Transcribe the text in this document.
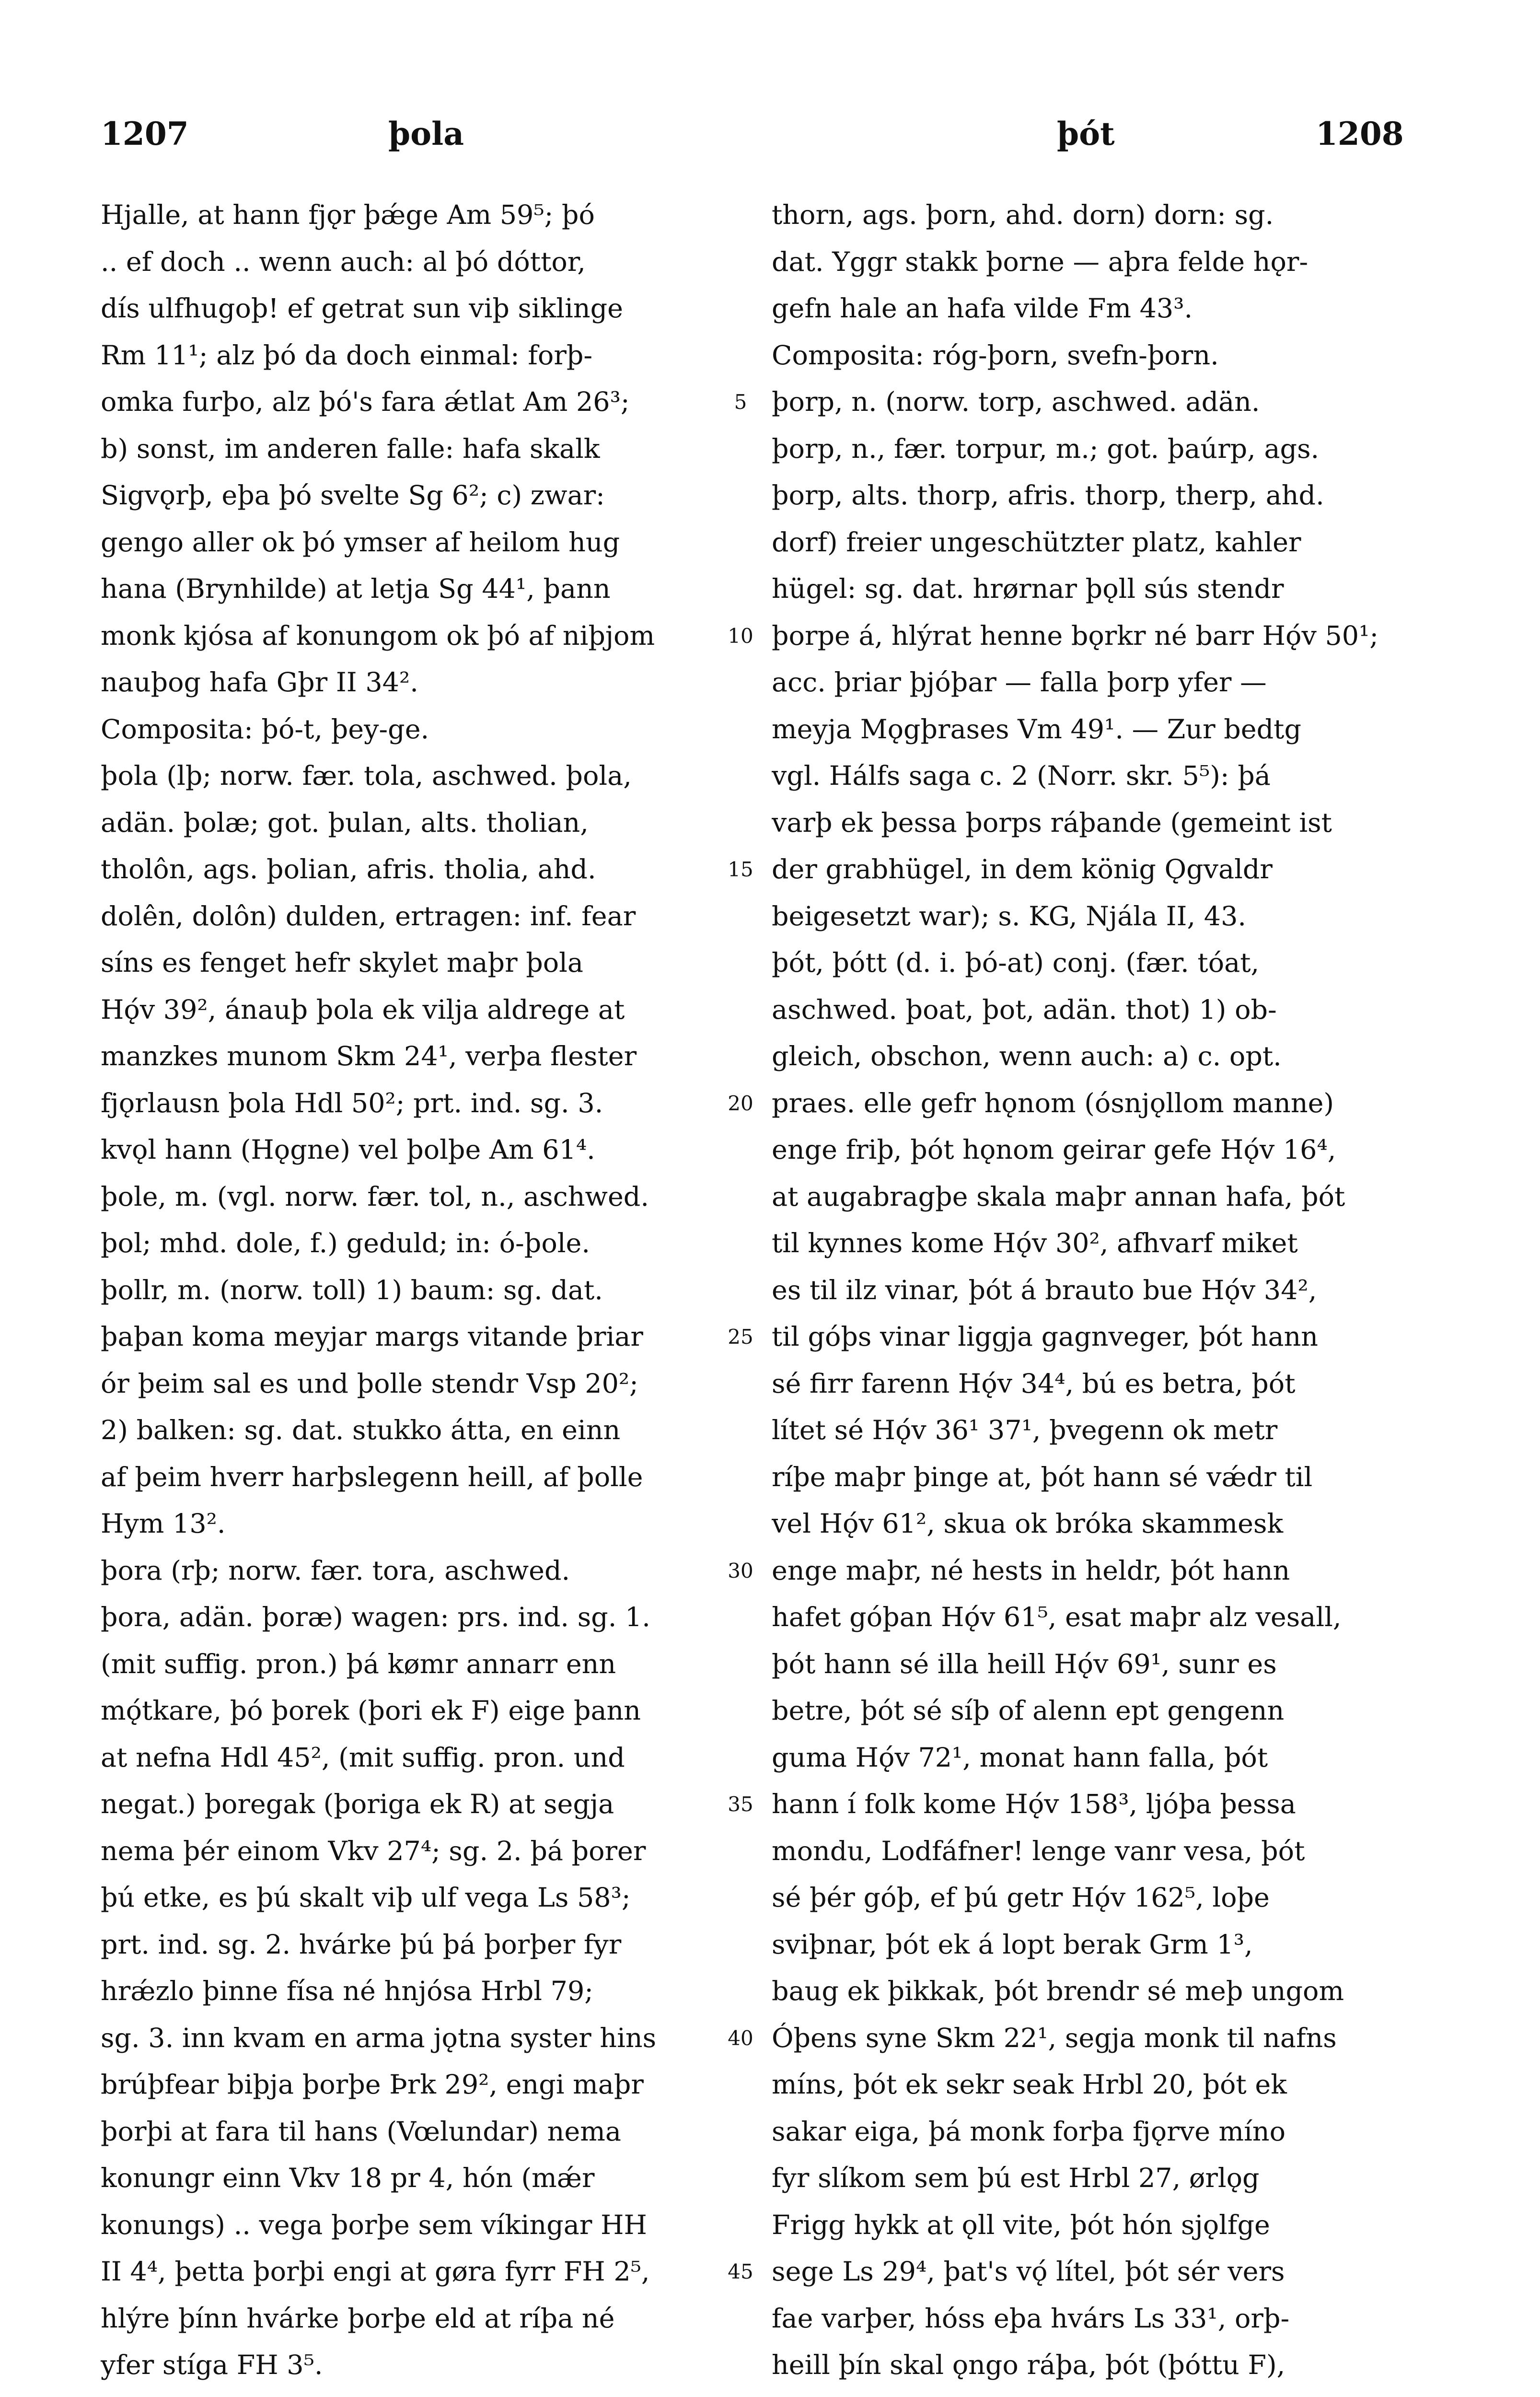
1207	þola	þót	1208
Hjalle, at hann fjǫr þǽge Am 59⁵; þó
.. ef doch .. wenn auch: al þó dóttor,
dís ulfhugoþ! ef getrat sun viþ siklinge
Rm 11¹; alz þó da doch einmal: forþ-
omka furþo, alz þó's fara ǽtlat Am 26³;
b) sonst, im anderen falle: hafa skalk
Sigvǫrþ, eþa þó svelte Sg 6²; c) zwar:
gengo aller ok þó ymser af heilom hug
hana (Brynhilde) at letja Sg 44¹, þann
monk kjósa af konungom ok þó af niþjom
nauþog hafa Gþr II 34².
Composita: þó-t, þey-ge.
þola (lþ; norw. fær. tola, aschwed. þola,
adän. þolæ; got. þulan, alts. tholian,
tholôn, ags. þolian, afris. tholia, ahd.
dolên, dolôn) dulden, ertragen: inf. fear
síns es fenget hefr skylet maþr þola
Hǫ́v 39², ánauþ þola ek vilja aldrege at
manzkes munom Skm 24¹, verþa flester
fjǫrlausn þola Hdl 50²; prt. ind. sg. 3.
kvǫl hann (Hǫgne) vel þolþe Am 61⁴.
þole, m. (vgl. norw. fær. tol, n., aschwed.
þol; mhd. dole, f.) geduld; in: ó-þole.
þollr, m. (norw. toll) 1) baum: sg. dat.
þaþan koma meyjar margs vitande þriar
ór þeim sal es und þolle stendr Vsp 20²;
2) balken: sg. dat. stukko átta, en einn
af þeim hverr harþslegenn heill, af þolle
Hym 13².
þora (rþ; norw. fær. tora, aschwed.
þora, adän. þoræ) wagen: prs. ind. sg. 1.
(mit suffig. pron.) þá kømr annarr enn
mǫ́tkare, þó þorek (þori ek F) eige þann
at nefna Hdl 45², (mit suffig. pron. und
negat.) þoregak (þoriga ek R) at segja
nema þér einom Vkv 27⁴; sg. 2. þá þorer
þú etke, es þú skalt viþ ulf vega Ls 58³;
prt. ind. sg. 2. hvárke þú þá þorþer fyr
hrǽzlo þinne físa né hnjósa Hrbl 79;
sg. 3. inn kvam en arma jǫtna syster hins
brúþfear biþja þorþe Þrk 29², engi maþr
þorþi at fara til hans (Vœlundar) nema
konungr einn Vkv 18 pr 4, hón (mǽr
konungs) .. vega þorþe sem víkingar HH
II 4⁴, þetta þorþi engi at gøra fyrr FH 2⁵,
hlýre þínn hvárke þorþe eld at ríþa né
yfer stíga FH 3⁵.
5
10
15
20
25
30
35
40
45
thorn, ags. þorn, ahd. dorn) dorn: sg.
dat. Yggr stakk þorne — aþra felde hǫr-
gefn hale an hafa vilde Fm 43³.
Composita: róg-þorn, svefn-þorn.
þorp, n. (norw. torp, aschwed. adän.
þorp, n., fær. torpur, m.; got. þaúrp, ags.
þorp, alts. thorp, afris. thorp, therp, ahd.
dorf) freier ungeschützter platz, kahler
hügel: sg. dat. hrørnar þǫll sús stendr
þorpe á, hlýrat henne bǫrkr né barr Hǫ́v 50¹;
acc. þriar þjóþar — falla þorp yfer —
meyja Mǫgþrases Vm 49¹. — Zur bedtg
vgl. Hálfs saga c. 2 (Norr. skr. 5⁵): þá
varþ ek þessa þorps ráþande (gemeint ist
der grabhügel, in dem könig Ǫgvaldr
beigesetzt war); s. KG, Njála II, 43.
þót, þótt (d. i. þó-at) conj. (fær. tóat,
aschwed. þoat, þot, adän. thot) 1) ob-
gleich, obschon, wenn auch: a) c. opt.
praes. elle gefr hǫnom (ósnjǫllom manne)
enge friþ, þót hǫnom geirar gefe Hǫ́v 16⁴,
at augabragþe skala maþr annan hafa, þót
til kynnes kome Hǫ́v 30², afhvarf miket
es til ilz vinar, þót á brauto bue Hǫ́v 34²,
til góþs vinar liggja gagnveger, þót hann
sé firr farenn Hǫ́v 34⁴, bú es betra, þót
lítet sé Hǫ́v 36¹ 37¹, þvegenn ok metr
ríþe maþr þinge at, þót hann sé vǽdr til
vel Hǫ́v 61², skua ok bróka skammesk
enge maþr, né hests in heldr, þót hann
hafet góþan Hǫ́v 61⁵, esat maþr alz vesall,
þót hann sé illa heill Hǫ́v 69¹, sunr es
betre, þót sé síþ of alenn ept gengenn
guma Hǫ́v 72¹, monat hann falla, þót
hann í folk kome Hǫ́v 158³, ljóþa þessa
mondu, Lodfáfner! lenge vanr vesa, þót
sé þér góþ, ef þú getr Hǫ́v 162⁵, loþe
sviþnar, þót ek á lopt berak Grm 1³,
baug ek þikkak, þót brendr sé meþ ungom
Óþens syne Skm 22¹, segja monk til nafns
míns, þót ek sekr seak Hrbl 20, þót ek
sakar eiga, þá monk forþa fjǫrve míno
fyr slíkom sem þú est Hrbl 27, ørlǫg
Frigg hykk at ǫll vite, þót hón sjǫlfge
sege Ls 29⁴, þat's vǫ́ lítel, þót sér vers
fae varþer, hóss eþa hvárs Ls 33¹, orþ-
heill þín skal ǫngo ráþa, þót (þóttu F),
